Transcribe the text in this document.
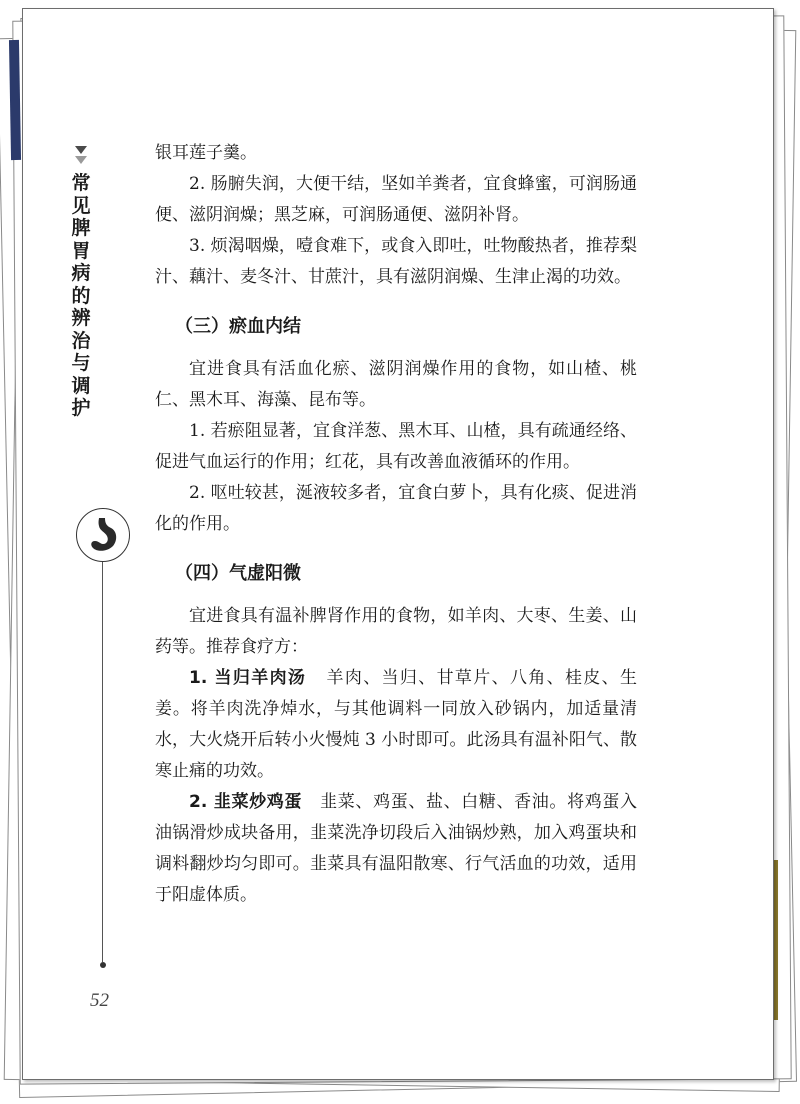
常见脾胃病的辨治与调护
52

银耳莲子羹。

2. 肠腑失润，大便干结，坚如羊粪者，宜食蜂蜜，可润肠通便、滋阴润燥；黑芝麻，可润肠通便、滋阴补肾。

3. 烦渴咽燥，噎食难下，或食入即吐，吐物酸热者，推荐梨汁、藕汁、麦冬汁、甘蔗汁，具有滋阴润燥、生津止渴的功效。

（三）瘀血内结

宜进食具有活血化瘀、滋阴润燥作用的食物，如山楂、桃仁、黑木耳、海藻、昆布等。

1. 若瘀阻显著，宜食洋葱、黑木耳、山楂，具有疏通经络、促进气血运行的作用；红花，具有改善血液循环的作用。

2. 呕吐较甚，涎液较多者，宜食白萝卜，具有化痰、促进消化的作用。

（四）气虚阳微

宜进食具有温补脾肾作用的食物，如羊肉、大枣、生姜、山药等。推荐食疗方：

1. 当归羊肉汤 羊肉、当归、甘草片、八角、桂皮、生姜。将羊肉洗净焯水，与其他调料一同放入砂锅内，加适量清水，大火烧开后转小火慢炖 3 小时即可。此汤具有温补阳气、散寒止痛的功效。

2. 韭菜炒鸡蛋 韭菜、鸡蛋、盐、白糖、香油。将鸡蛋入油锅滑炒成块备用，韭菜洗净切段后入油锅炒熟，加入鸡蛋块和调料翻炒均匀即可。韭菜具有温阳散寒、行气活血的功效，适用于阳虚体质。
